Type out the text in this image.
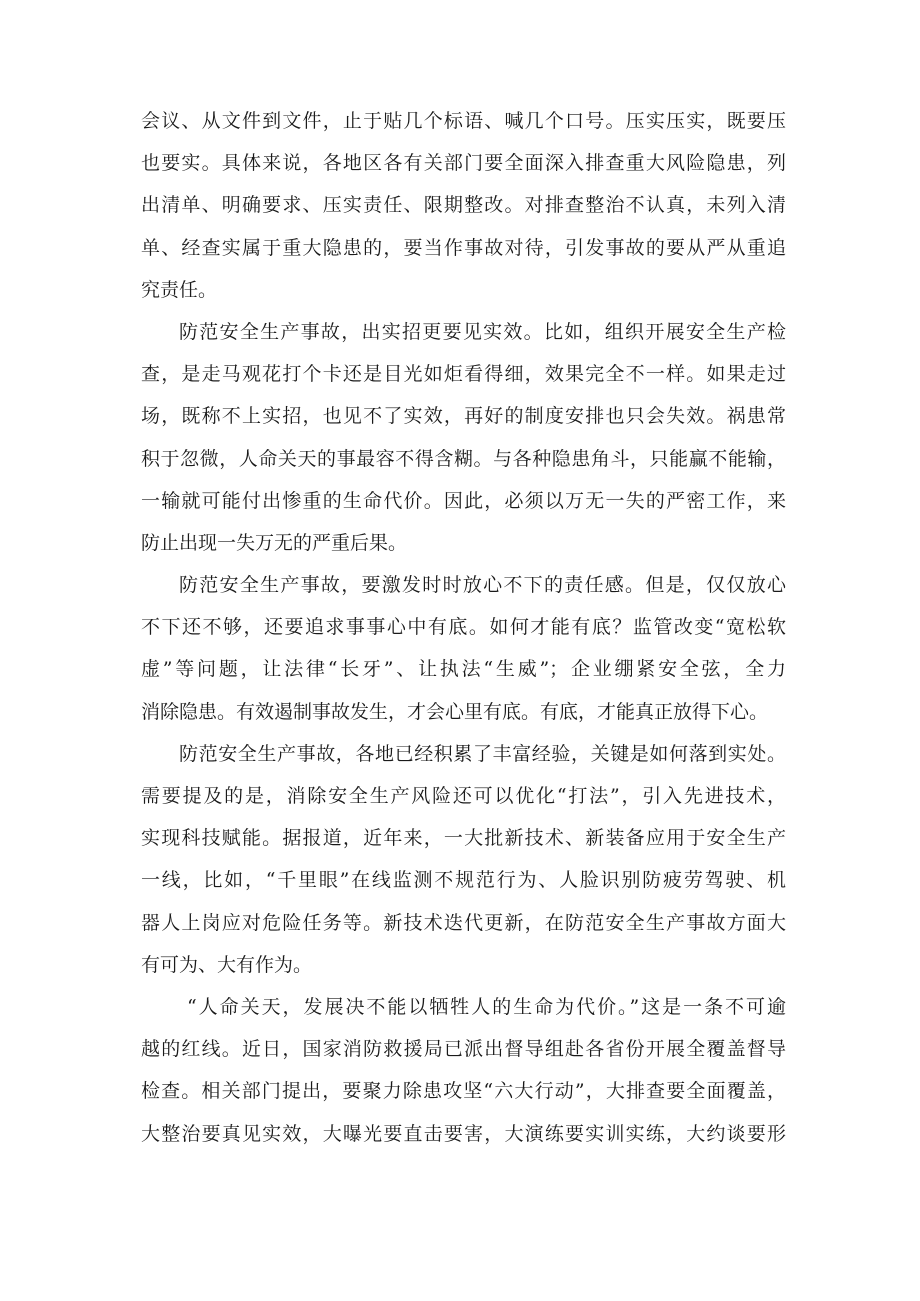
会议、从文件到文件，止于贴几个标语、喊几个口号。压实压实，既要压
也要实。具体来说，各地区各有关部门要全面深入排查重大风险隐患，列
出清单、明确要求、压实责任、限期整改。对排查整治不认真，未列入清
单、经查实属于重大隐患的，要当作事故对待，引发事故的要从严从重追
究责任。
防范安全生产事故，出实招更要见实效。比如，组织开展安全生产检
查，是走马观花打个卡还是目光如炬看得细，效果完全不一样。如果走过
场，既称不上实招，也见不了实效，再好的制度安排也只会失效。祸患常
积于忽微，人命关天的事最容不得含糊。与各种隐患角斗，只能赢不能输，
一输就可能付出惨重的生命代价。因此，必须以万无一失的严密工作，来
防止出现一失万无的严重后果。
防范安全生产事故，要激发时时放心不下的责任感。但是，仅仅放心
不下还不够，还要追求事事心中有底。如何才能有底？监管改变“宽松软
虚”等问题，让法律“长牙”、让执法“生威”；企业绷紧安全弦，全力
消除隐患。有效遏制事故发生，才会心里有底。有底，才能真正放得下心。
防范安全生产事故，各地已经积累了丰富经验，关键是如何落到实处。
需要提及的是，消除安全生产风险还可以优化“打法”，引入先进技术，
实现科技赋能。据报道，近年来，一大批新技术、新装备应用于安全生产
一线，比如，“千里眼”在线监测不规范行为、人脸识别防疲劳驾驶、机
器人上岗应对危险任务等。新技术迭代更新，在防范安全生产事故方面大
有可为、大有作为。
“人命关天，发展决不能以牺牲人的生命为代价。”这是一条不可逾
越的红线。近日，国家消防救援局已派出督导组赴各省份开展全覆盖督导
检查。相关部门提出，要聚力除患攻坚“六大行动”，大排查要全面覆盖，
大整治要真见实效，大曝光要直击要害，大演练要实训实练，大约谈要形
